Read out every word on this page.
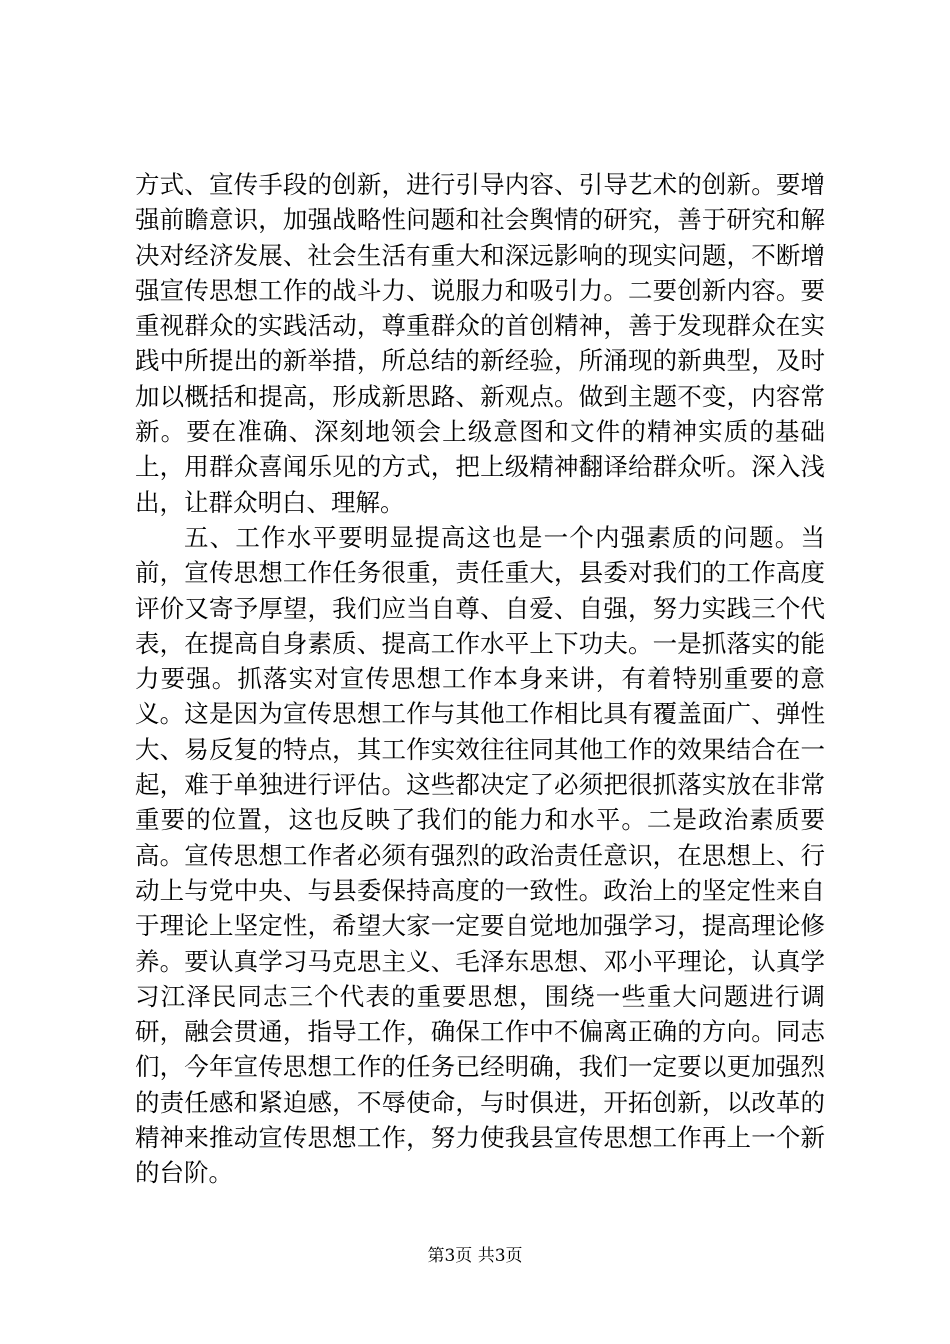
方式、宣传手段的创新，进行引导内容、引导艺术的创新。要增强前瞻意识，加强战略性问题和社会舆情的研究，善于研究和解决对经济发展、社会生活有重大和深远影响的现实问题，不断增强宣传思想工作的战斗力、说服力和吸引力。二要创新内容。要重视群众的实践活动，尊重群众的首创精神，善于发现群众在实践中所提出的新举措，所总结的新经验，所涌现的新典型，及时加以概括和提高，形成新思路、新观点。做到主题不变，内容常新。要在准确、深刻地领会上级意图和文件的精神实质的基础上，用群众喜闻乐见的方式，把上级精神翻译给群众听。深入浅出，让群众明白、理解。

五、工作水平要明显提高这也是一个内强素质的问题。当前，宣传思想工作任务很重，责任重大，县委对我们的工作高度评价又寄予厚望，我们应当自尊、自爱、自强，努力实践三个代表，在提高自身素质、提高工作水平上下功夫。一是抓落实的能力要强。抓落实对宣传思想工作本身来讲，有着特别重要的意义。这是因为宣传思想工作与其他工作相比具有覆盖面广、弹性大、易反复的特点，其工作实效往往同其他工作的效果结合在一起，难于单独进行评估。这些都决定了必须把很抓落实放在非常重要的位置，这也反映了我们的能力和水平。二是政治素质要高。宣传思想工作者必须有强烈的政治责任意识，在思想上、行动上与党中央、与县委保持高度的一致性。政治上的坚定性来自于理论上坚定性，希望大家一定要自觉地加强学习，提高理论修养。要认真学习马克思主义、毛泽东思想、邓小平理论，认真学习江泽民同志三个代表的重要思想，围绕一些重大问题进行调研，融会贯通，指导工作，确保工作中不偏离正确的方向。同志们，今年宣传思想工作的任务已经明确，我们一定要以更加强烈的责任感和紧迫感，不辱使命，与时俱进，开拓创新，以改革的精神来推动宣传思想工作，努力使我县宣传思想工作再上一个新的台阶。

第3页 共3页
